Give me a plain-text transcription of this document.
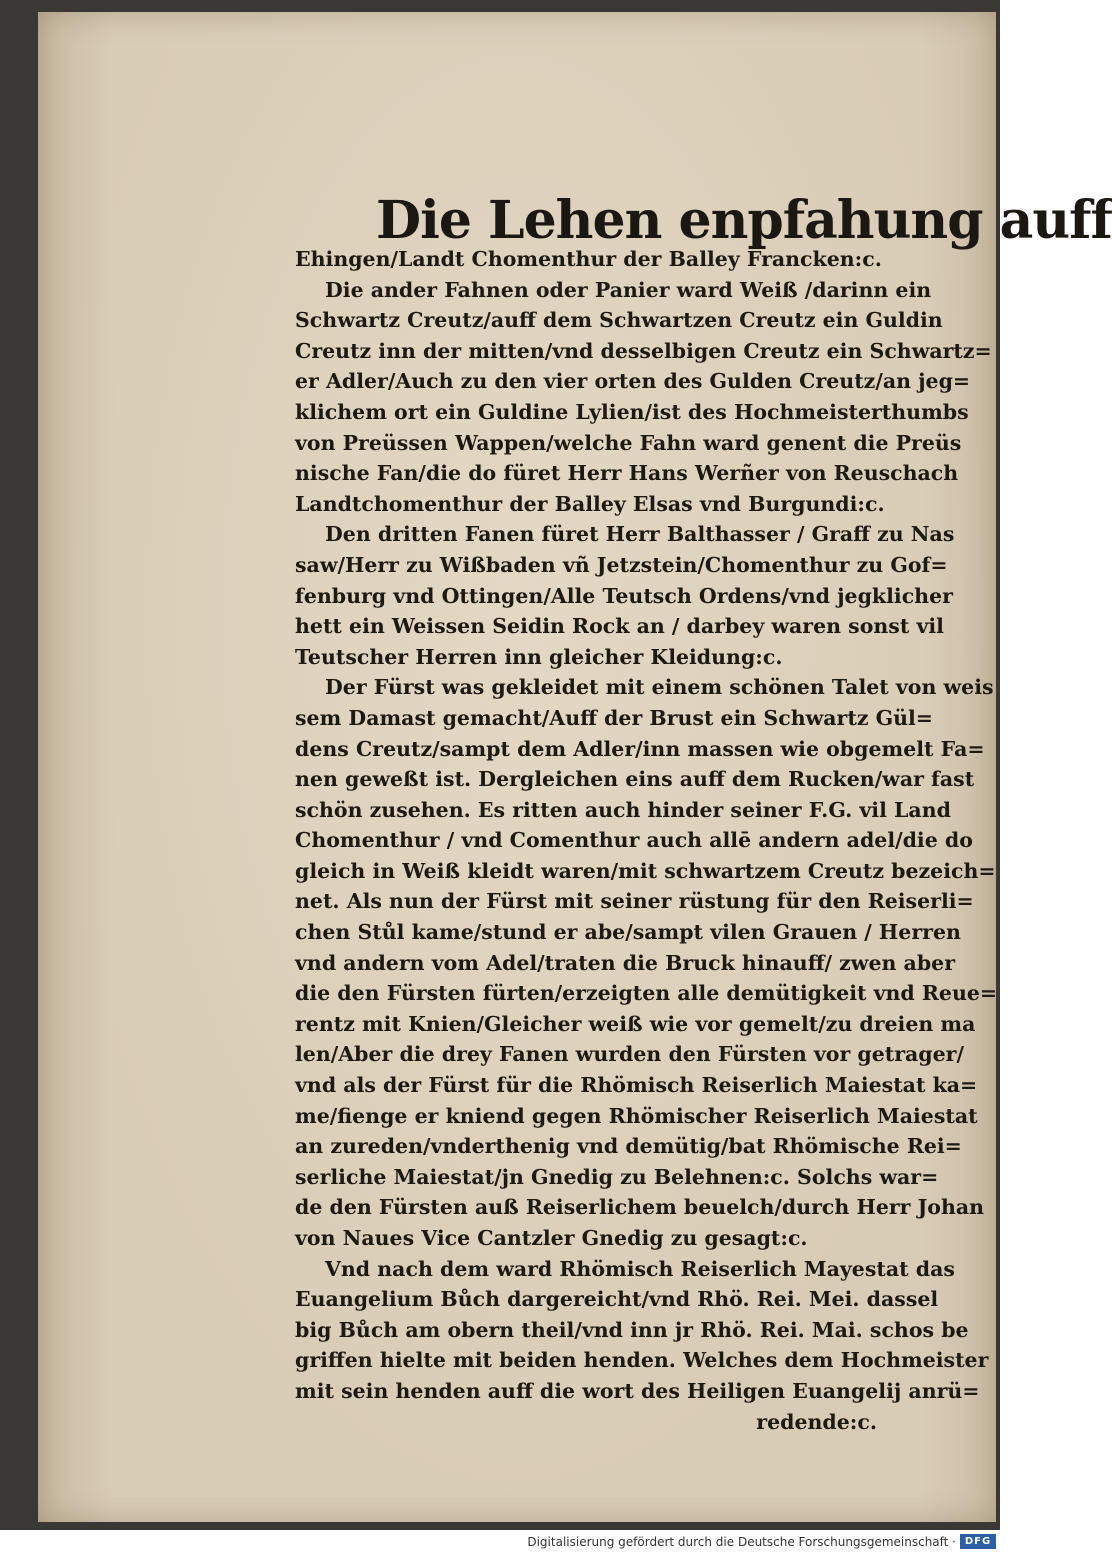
Die Lehen enpfahung auff
Ehingen/Landt Chomenthur der Balley Francken:c.
Die ander Fahnen oder Panier ward Weiß /darinn ein
Schwartz Creutz/auff dem Schwartzen Creutz ein Guldin
Creutz inn der mitten/vnd desselbigen Creutz ein Schwartz=
er Adler/Auch zu den vier orten des Gulden Creutz/an jeg=
klichem ort ein Guldine Lylien/ist des Hochmeisterthumbs
von Preüssen Wappen/welche Fahn ward genent die Preüs
nische Fan/die do füret Herr Hans Werñer von Reuschach
Landtchomenthur der Balley Elsas vnd Burgundi:c.
Den dritten Fanen füret Herr Balthasser / Graff zu Nas
saw/Herr zu Wißbaden vñ Jetzstein/Chomenthur zu Gof=
fenburg vnd Ottingen/Alle Teutsch Ordens/vnd jegklicher
hett ein Weissen Seidin Rock an / darbey waren sonst vil
Teutscher Herren inn gleicher Kleidung:c.
Der Fürst was gekleidet mit einem schönen Talet von weis
sem Damast gemacht/Auff der Brust ein Schwartz Gül=
dens Creutz/sampt dem Adler/inn massen wie obgemelt Fa=
nen geweßt ist. Dergleichen eins auff dem Rucken/war fast
schön zusehen. Es ritten auch hinder seiner F.G. vil Land
Chomenthur / vnd Comenthur auch allē andern adel/die do
gleich in Weiß kleidt waren/mit schwartzem Creutz bezeich=
net. Als nun der Fürst mit seiner rüstung für den Reiserli=
chen Stůl kame/stund er abe/sampt vilen Grauen / Herren
vnd andern vom Adel/traten die Bruck hinauff/ zwen aber
die den Fürsten fürten/erzeigten alle demütigkeit vnd Reue=
rentz mit Knien/Gleicher weiß wie vor gemelt/zu dreien ma
len/Aber die drey Fanen wurden den Fürsten vor getrager/
vnd als der Fürst für die Rhömisch Reiserlich Maiestat ka=
me/fienge er kniend gegen Rhömischer Reiserlich Maiestat
an zureden/vnderthenig vnd demütig/bat Rhömische Rei=
serliche Maiestat/jn Gnedig zu Belehnen:c. Solchs war=
de den Fürsten auß Reiserlichem beuelch/durch Herr Johan
von Naues Vice Cantzler Gnedig zu gesagt:c.
Vnd nach dem ward Rhömisch Reiserlich Mayestat das
Euangelium Bůch dargereicht/vnd Rhö. Rei. Mei. dassel
big Bůch am obern theil/vnd inn jr Rhö. Rei. Mai. schos be
griffen hielte mit beiden henden. Welches dem Hochmeister
mit sein henden auff die wort des Heiligen Euangelij anrü=
redende:c.
Digitalisierung gefördert durch die Deutsche Forschungsgemeinschaft · DFG
